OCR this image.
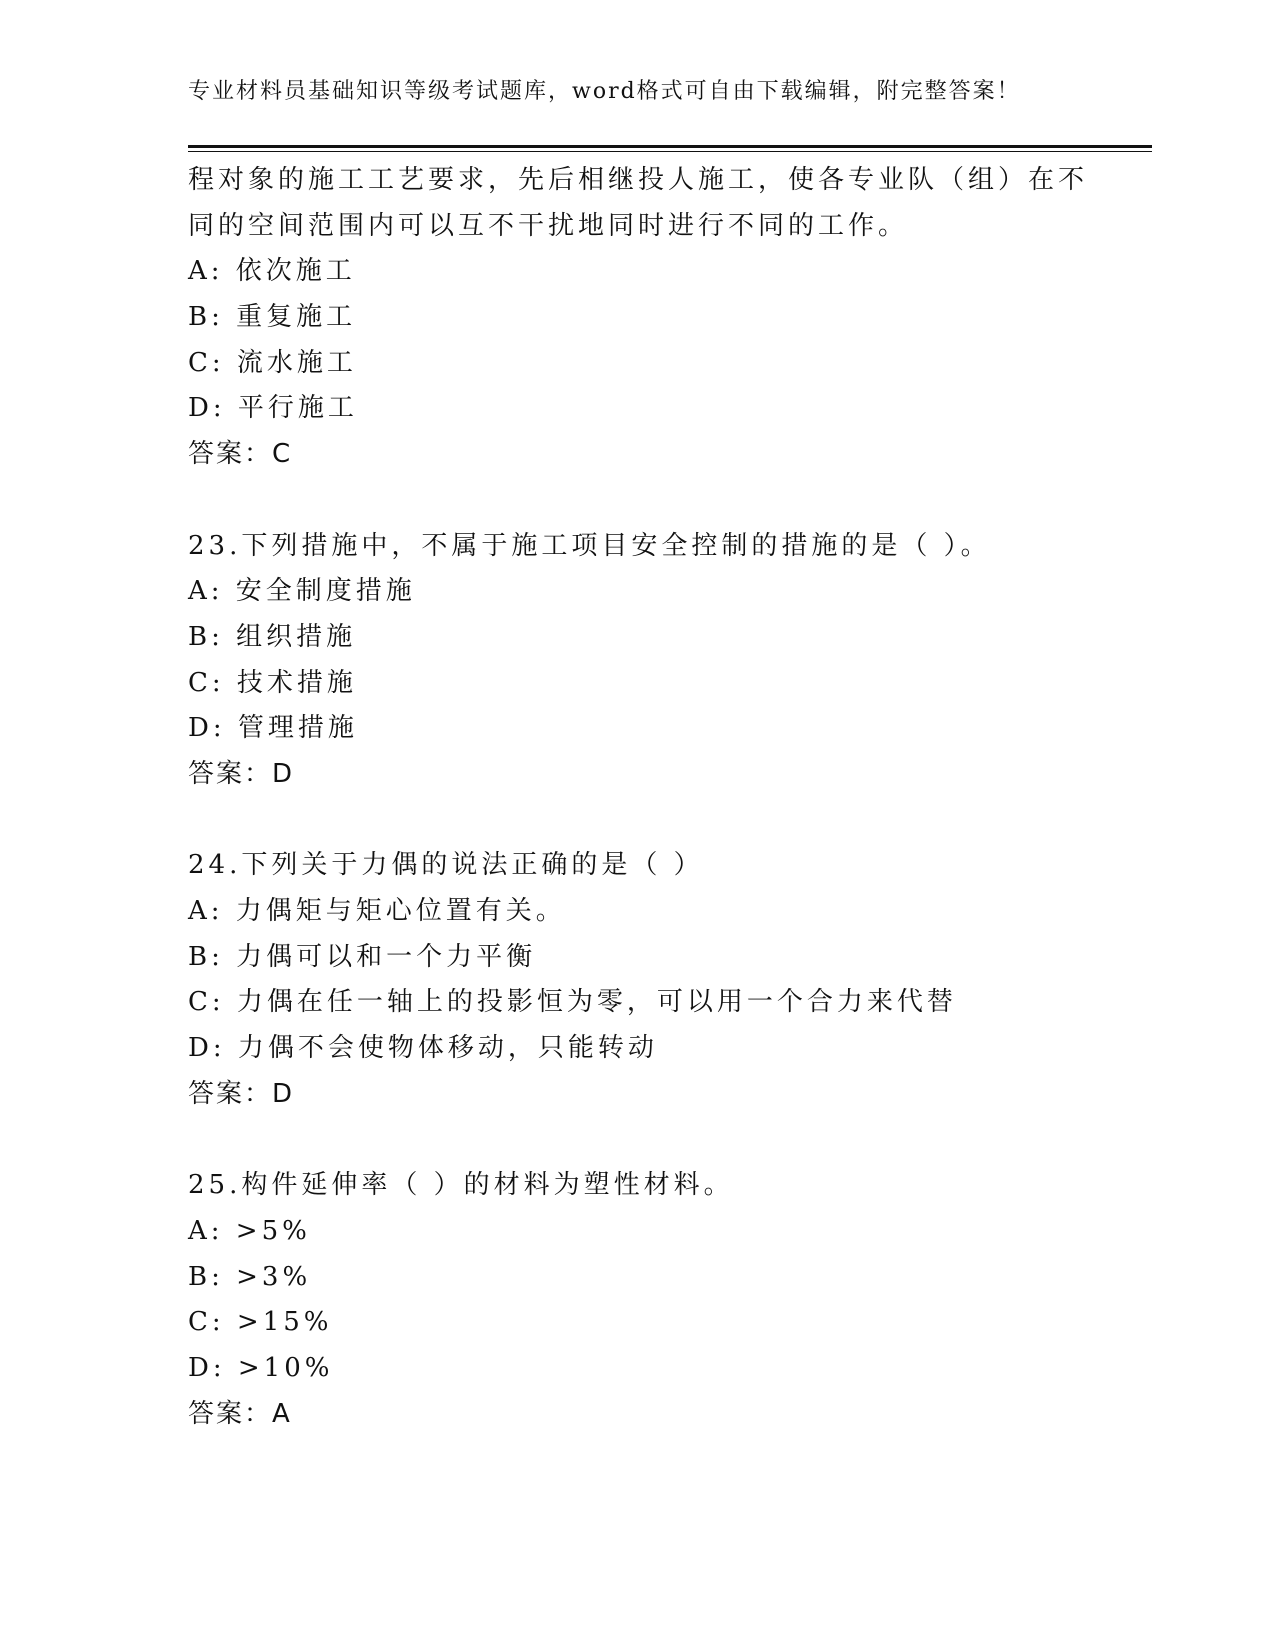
专业材料员基础知识等级考试题库，word格式可自由下载编辑，附完整答案！
程对象的施工工艺要求，先后相继投人施工，使各专业队（组）在不
同的空间范围内可以互不干扰地同时进行不同的工作。
A: 依次施工
B: 重复施工
C: 流水施工
D: 平行施工
答案：C
23.下列措施中，不属于施工项目安全控制的措施的是（ ）。
A: 安全制度措施
B: 组织措施
C: 技术措施
D: 管理措施
答案：D
24.下列关于力偶的说法正确的是（ ）
A: 力偶矩与矩心位置有关。
B: 力偶可以和一个力平衡
C: 力偶在任一轴上的投影恒为零，可以用一个合力来代替
D: 力偶不会使物体移动，只能转动
答案：D
25.构件延伸率（ ）的材料为塑性材料。
A: >5%
B: >3%
C: >15%
D: >10%
答案：A
